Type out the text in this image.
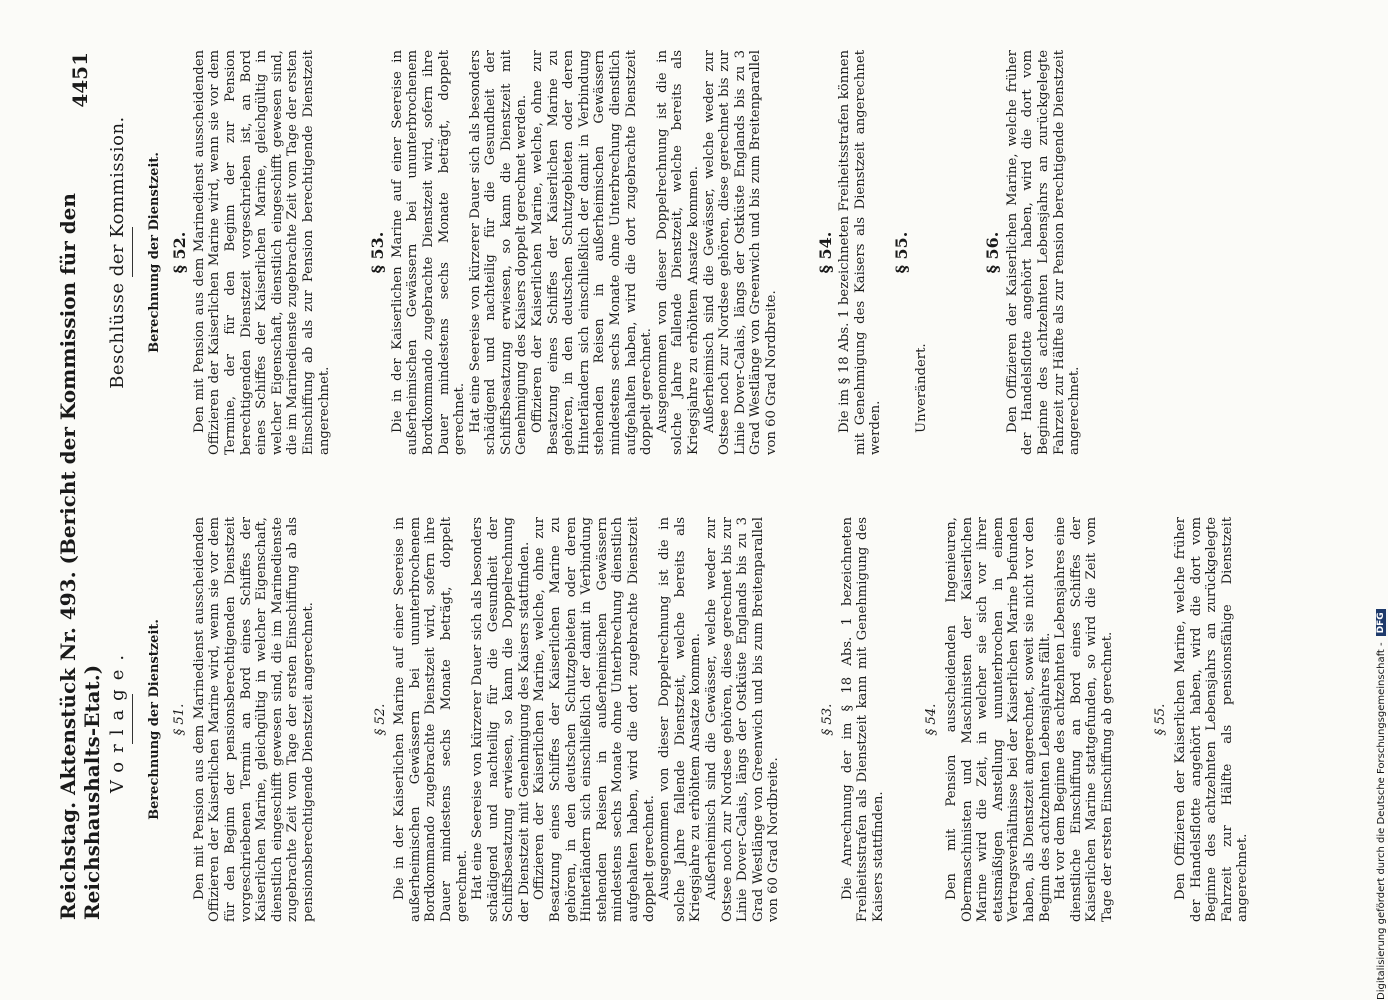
Reichstag. Aktenstück Nr. 493. (Bericht der Kommission für den Reichshaushalts-Etat.)
4451
Vorlage. Berechnung der Dienstzeit. § 51. Den mit Pension aus dem Marinedienst ausscheidenden Offizieren der Kaiserlichen Marine wird, wenn sie vor dem für den Beginn der pensionsberechtigenden Dienstzeit vorgeschriebenen Termin an Bord eines Schiffes der Kaiserlichen Marine, gleichgültig in welcher Eigenschaft, dienstlich eingeschifft gewesen sind, die im Marinedienste zugebrachte Zeit vom Tage der ersten Einschiffung ab als pensionsberechtigende Dienstzeit angerechnet.	§ 52. Die in der Kaiserlichen Marine auf einer Seereise in außerheimischen Gewässern bei ununterbrochenem Bordkommando zugebrachte Dienstzeit wird, sofern ihre Dauer mindestens sechs Monate beträgt, doppelt gerechnet. Hat eine Seereise von kürzerer Dauer sich als besonders schädigend und nachteilig für die Gesundheit der Schiffsbesatzung erwiesen, so kann die Doppelrechnung der Dienstzeit mit Genehmigung des Kaisers stattfinden. Offizieren der Kaiserlichen Marine, welche, ohne zur Besatzung eines Schiffes der Kaiserlichen Marine zu gehören, in den deutschen Schutzgebieten oder deren Hinterländern sich einschließlich der damit in Verbindung stehenden Reisen in außerheimischen Gewässern mindestens sechs Monate ohne Unterbrechung dienstlich aufgehalten haben, wird die dort zugebrachte Dienstzeit doppelt gerechnet. Ausgenommen von dieser Doppelrechnung ist die in solche Jahre fallende Dienstzeit, welche bereits als Kriegsjahre zu erhöhtem Ansatze kommen. Außerheimisch sind die Gewässer, welche weder zur Ostsee noch zur Nordsee gehören, diese gerechnet bis zur Linie Dover-Calais, längs der Ostküste Englands bis zu 3 Grad Westlänge von Greenwich und bis zum Breitenparallel von 60 Grad Nordbreite.

§ 53. Die Anrechnung der im § 18 Abs. 1 bezeichneten Freiheitsstrafen als Dienstzeit kann mit Genehmigung des Kaisers stattfinden.

§ 54. Den mit Pension ausscheidenden Ingenieuren, Obermaschinisten und Maschinisten der Kaiserlichen Marine wird die Zeit, in welcher sie sich vor ihrer etatsmäßigen Anstellung ununterbrochen in einem Vertragsverhältnisse bei der Kaiserlichen Marine befunden haben, als Dienstzeit angerechnet, soweit sie nicht vor den Beginn des achtzehnten Lebensjahres fällt. Hat vor dem Beginne des achtzehnten Lebensjahres eine dienstliche Einschiffung an Bord eines Schiffes der Kaiserlichen Marine stattgefunden, so wird die Zeit vom Tage der ersten Einschiffung ab gerechnet.	§ 55. Den Offizieren der Kaiserlichen Marine, welche früher der Handelsflotte angehört haben, wird die dort vom Beginne des achtzehnten Lebensjahrs an zurückgelegte Fahrzeit zur Hälfte als pensionsfähige Dienstzeit angerechnet.

Beschlüsse der Kommission. Berechnung der Dienstzeit. § 52. Den mit Pension aus dem Marinedienst ausscheidenden Offizieren der Kaiserlichen Marine wird, wenn sie vor dem Termine, der für den Beginn der zur Pension berechtigenden Dienstzeit vorgeschrieben ist, an Bord eines Schiffes der Kaiserlichen Marine, gleichgültig in welcher Eigenschaft, dienstlich eingeschifft gewesen sind, die im Marinedienste zugebrachte Zeit vom Tage der ersten Einschiffung ab als zur Pension berechtigende Dienstzeit angerechnet.

§ 53. Die in der Kaiserlichen Marine auf einer Seereise in außerheimischen Gewässern bei ununterbrochenem Bordkommando zugebrachte Dienstzeit wird, sofern ihre Dauer mindestens sechs Monate beträgt, doppelt gerechnet. Hat eine Seereise von kürzerer Dauer sich als besonders schädigend und nachteilig für die Gesundheit der Schiffsbesatzung erwiesen, so kann die Dienstzeit mit Genehmigung des Kaisers doppelt gerechnet werden. Offizieren der Kaiserlichen Marine, welche, ohne zur Besatzung eines Schiffes der Kaiserlichen Marine zu gehören, in den deutschen Schutzgebieten oder deren Hinterländern sich einschließlich der damit in Verbindung stehenden Reisen in außerheimischen Gewässern mindestens sechs Monate ohne Unterbrechung dienstlich aufgehalten haben, wird die dort zugebrachte Dienstzeit doppelt gerechnet. Ausgenommen von dieser Doppelrechnung ist die in solche Jahre fallende Dienstzeit, welche bereits als Kriegsjahre zu erhöhtem Ansatze kommen. Außerheimisch sind die Gewässer, welche weder zur Ostsee noch zur Nordsee gehören, diese gerechnet bis zur Linie Dover-Calais, längs der Ostküste Englands bis zu 3 Grad Westlänge von Greenwich und bis zum Breitenparallel von 60 Grad Nordbreite.

§ 54. Die im § 18 Abs. 1 bezeichneten Freiheitsstrafen können mit Genehmigung des Kaisers als Dienstzeit angerechnet werden.

§ 55.

Unverändert.

§ 56. Den Offizieren der Kaiserlichen Marine, welche früher der Handelsflotte angehört haben, wird die dort vom Beginne des achtzehnten Lebensjahrs an zurückgelegte Fahrzeit zur Hälfte als zur Pension berechtigende Dienstzeit angerechnet.

Digitalisierung gefördert durch die Deutsche Forschungsgemeinschaft -
DFG
